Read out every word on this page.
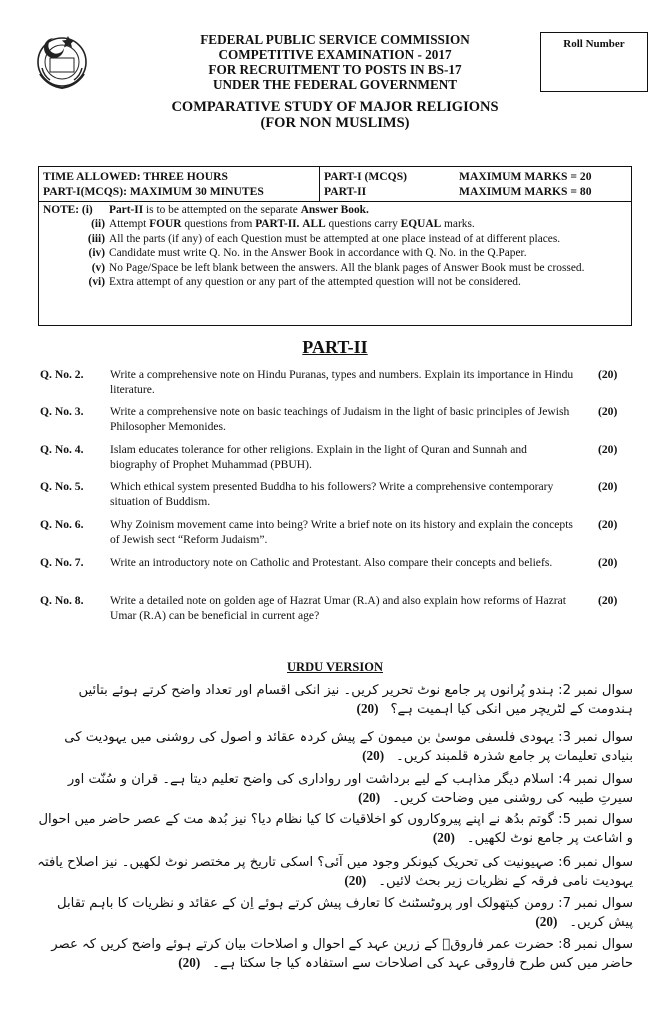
FEDERAL PUBLIC SERVICE COMMISSION
COMPETITIVE EXAMINATION - 2017
FOR RECRUITMENT TO POSTS IN BS-17
UNDER THE FEDERAL GOVERNMENT
Roll Number
COMPARATIVE STUDY OF MAJOR RELIGIONS
(FOR NON MUSLIMS)
TIME ALLOWED: THREE HOURS
PART-I(MCQS): MAXIMUM 30 MINUTES
PART-I (MCQS)
PART-II
MAXIMUM MARKS = 20
MAXIMUM MARKS = 80
NOTE: (i)	Part-II is to be attempted on the separate Answer Book.
(ii) Attempt FOUR questions from PART-II. ALL questions carry EQUAL marks.
(iii) All the parts (if any) of each Question must be attempted at one place instead of at different places.
(iv) Candidate must write Q. No. in the Answer Book in accordance with Q. No. in the Q.Paper.
(v) No Page/Space be left blank between the answers. All the blank pages of Answer Book must be crossed.
(vi) Extra attempt of any question or any part of the attempted question will not be considered.
PART-II
Q. No. 2. Write a comprehensive note on Hindu Puranas, types and numbers. Explain its importance in Hindu literature.
(20)
Q. No. 3. Write a comprehensive note on basic teachings of Judaism in the light of basic principles of Jewish Philosopher Memonides.
(20)
Q. No. 4. Islam educates tolerance for other religions. Explain in the light of Quran and Sunnah and biography of Prophet Muhammad (PBUH).
(20)
Q. No. 5. Which ethical system presented Buddha to his followers? Write a comprehensive contemporary situation of Buddism.
(20)
Q. No. 6. Why Zoinism movement came into being? Write a brief note on its history and explain the concepts of Jewish sect “Reform Judaism”.
(20)
Q. No. 7. Write an introductory note on Catholic and Protestant. Also compare their concepts and beliefs.	(20)
Q. No. 8. Write a detailed note on golden age of Hazrat Umar (R.A) and also explain how reforms of Hazrat Umar (R.A) can be beneficial in current age?
(20)
URDU VERSION
سوال نمبر 2: ہندو پُرانوں پر جامع نوٹ تحریر کریں۔ نیز انکی اقسام اور تعداد واضح کرتے ہوئے بتائیں ہندومت کے لٹریچر میں انکی کیا اہمیت ہے؟(20)
سوال نمبر 3: یہودی فلسفی موسیٰ بن میمون کے پیش کردہ عقائد و اصول کی روشنی میں یہودیت کی بنیادی تعلیمات پر جامع شذرہ قلمبند کریں۔(20)
سوال نمبر 4: اسلام دیگر مذاہب کے لیے برداشت اور رواداری کی واضح تعلیم دیتا ہے۔ قران و سُنّت اور سیرتِ طیبہ کی روشنی میں وضاحت کریں۔(20)
سوال نمبر 5: گوتم بدُھ نے اپنے پیروکاروں کو اخلاقیات کا کیا نظام دیا؟ نیز بُدھ مت کے عصر حاضر میں احوال و اشاعت پر جامع نوٹ لکھیں۔(20)
سوال نمبر 6: صہیونیت کی تحریک کیونکر وجود میں آئی؟ اسکی تاریخ پر مختصر نوٹ لکھیں۔ نیز اصلاح یافتہ یہودیت نامی فرقہ کے نظریات زیر بحث لائیں۔(20)
سوال نمبر 7: رومن کیتھولک اور پروٹسٹنٹ کا تعارف پیش کرتے ہوئے اِن کے عقائد و نظریات کا باہم تقابل پیش کریں۔(20)
سوال نمبر 8: حضرت عمر فاروقؓ کے زرین عہد کے احوال و اصلاحات بیان کرتے ہوئے واضح کریں کہ عصر حاضر میں کس طرح فاروقی عہد کی اصلاحات سے استفادہ کیا جا سکتا ہے۔(20)
